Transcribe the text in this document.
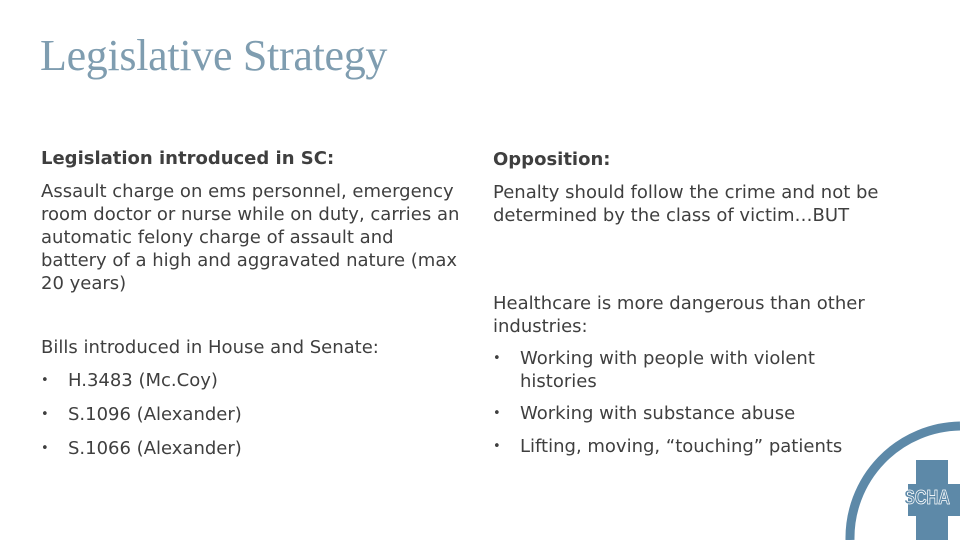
Legislative Strategy
Legislation introduced in SC:
Assault charge on ems personnel, emergency room doctor or nurse while on duty, carries an automatic felony charge of assault and battery of a high and aggravated nature (max 20 years)
Bills introduced in House and Senate:
• H.3483 (Mc.Coy)
• S.1096 (Alexander)
• S.1066 (Alexander)
Opposition:
Penalty should follow the crime and not be determined by the class of victim…BUT
Healthcare is more dangerous than other industries:
• Working with people with violent histories
• Working with substance abuse
• Lifting, moving, “touching” patients
SCHA
